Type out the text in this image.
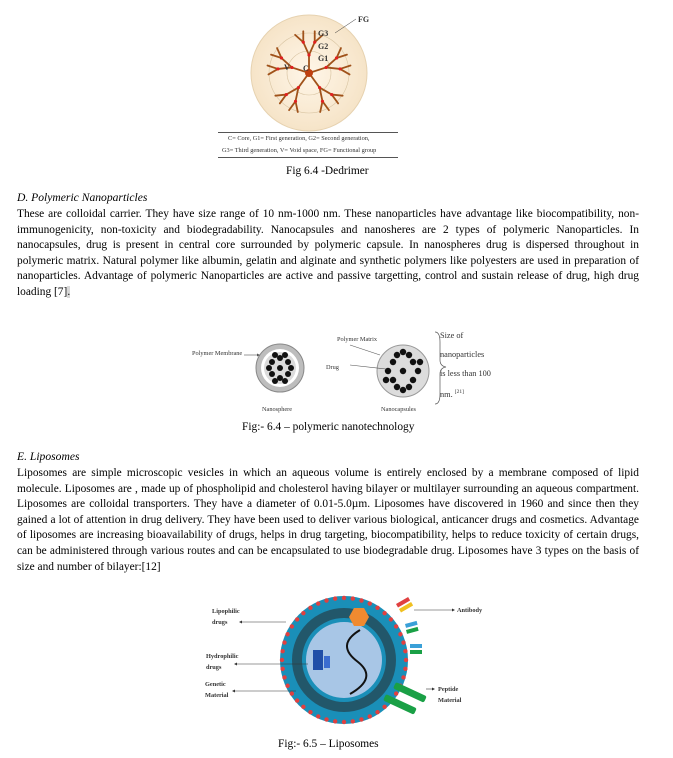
FG
G3
G2
G1
V C
C= Core, G1= First generation, G2= Second generation,
G3= Third generation, V= Void space, FG= Functional group
Fig 6.4 -Dedrimer
D. Polymeric Nanoparticles

These are colloidal carrier. They have size range of 10 nm-1000 nm. These nanoparticles have advantage like biocompatibility, non-immunogenicity, non-toxicity and biodegradability. Nanocapsules and nanosheres are 2 types of polymeric Nanoparticles. In nanocapsules, drug is present in central core surrounded by polymeric capsule. In nanospheres drug is dispersed throughout in polymeric matrix. Natural polymer like albumin, gelatin and alginate and synthetic polymers like polyesters are used in preparation of nanoparticles. Advantage of polymeric Nanoparticles are active and passive targetting, control and sustain release of drug, high drug loading [7].

Polymer Membrane
Polymer Matrix
Drug
Nanosphere	Nanocapsules
Size of
nanoparticles
is less than 100
nm. [21]
Fig:- 6.4 – polymeric nanotechnology
E. Liposomes

Liposomes are simple microscopic vesicles in which an aqueous volume is entirely enclosed by a membrane composed of lipid molecule. Liposomes are , made up of phospholipid and cholesterol having bilayer or multilayer surrounding an aqueous compartment. Liposomes are colloidal transporters. They have a diameter of 0.01-5.0µm. Liposomes have discovered in 1960 and since then they gained a lot of attention in drug delivery. They have been used to deliver various biological, anticancer drugs and cosmetics. Advantage of liposomes are increasing bioavailability of drugs, helps in drug targeting, biocompatibility, helps to reduce toxicity of certain drugs, can be administered through various routes and can be encapsulated to use biodegradable drug. Liposomes have 3 types on the basis of size and number of bilayer:[12]

Lipophilic
drugs
Hydrophilic
drugs
Genetic
Material
Antibody
Peptide
Material
Fig:- 6.5 – Liposomes
